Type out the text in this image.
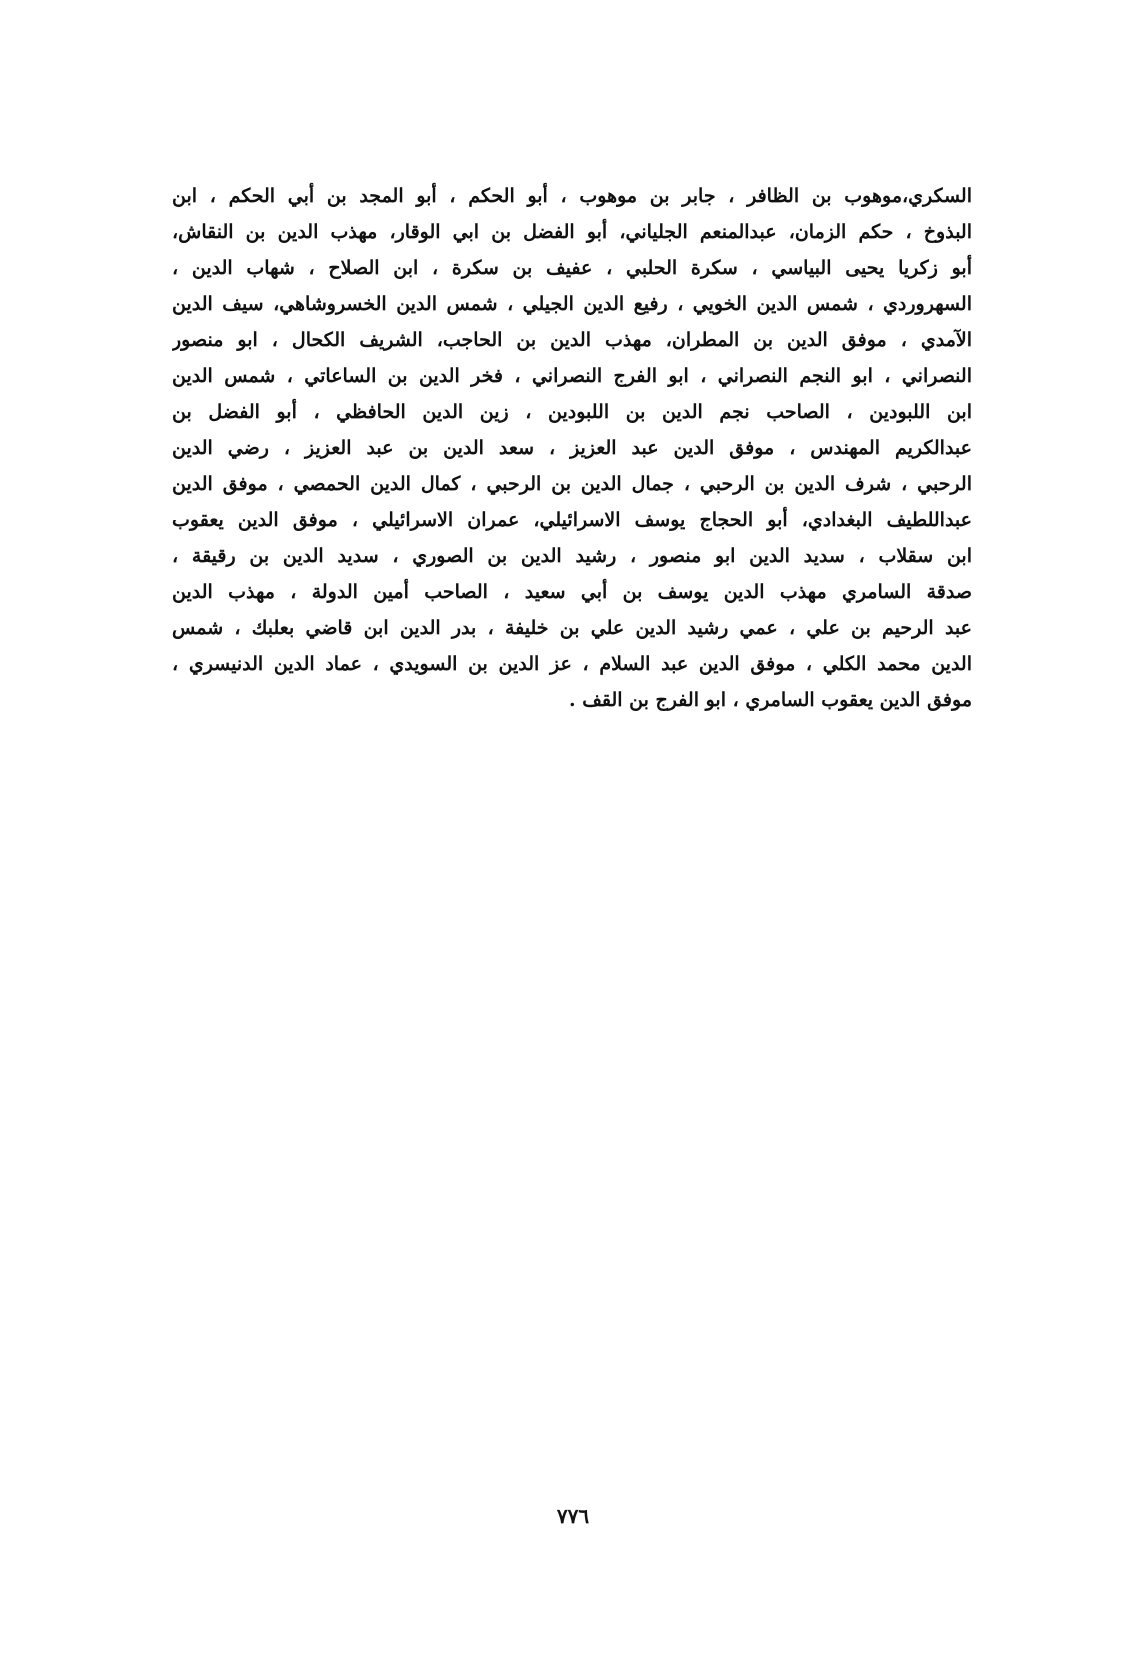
السكري،موهوب بن الظافر ، جابر بن موهوب ، أبو الحكم ، أبو المجد بن أبي الحكم ، ابن
البذوخ ، حكم الزمان، عبدالمنعم الجلياني، أبو الفضل بن ابي الوقار، مهذب الدين بن النقاش،
أبو زكريا يحيى البياسي ، سكرة الحلبي ، عفيف بن سكرة ، ابن الصلاح ، شهاب الدين ،
السهروردي ، شمس الدين الخويي ، رفيع الدين الجيلي ، شمس الدين الخسروشاهي، سيف الدين
الآمدي ، موفق الدين بن المطران، مهذب الدين بن الحاجب، الشريف الكحال ، ابو منصور
النصراني ، ابو النجم النصراني ، ابو الفرج النصراني ، فخر الدين بن الساعاتي ، شمس الدين
ابن اللبودين ، الصاحب نجم الدين بن اللبودين ، زين الدين الحافظي ، أبو الفضل بن
عبدالكريم المهندس ، موفق الدين عبد العزيز ، سعد الدين بن عبد العزيز ، رضي الدين
الرحبي ، شرف الدين بن الرحبي ، جمال الدين بن الرحبي ، كمال الدين الحمصي ، موفق الدين
عبداللطيف البغدادي، أبو الحجاج يوسف الاسرائيلي، عمران الاسرائيلي ، موفق الدين يعقوب
ابن سقلاب ، سديد الدين ابو منصور ، رشيد الدين بن الصوري ، سديد الدين بن رقيقة ،
صدقة السامري مهذب الدين يوسف بن أبي سعيد ، الصاحب أمين الدولة ، مهذب الدين
عبد الرحيم بن علي ، عمي رشيد الدين علي بن خليفة ، بدر الدين ابن قاضي بعلبك ، شمس
الدين محمد الكلي ، موفق الدين عبد السلام ، عز الدين بن السويدي ، عماد الدين الدنيسري ،
موفق الدين يعقوب السامري ، ابو الفرج بن القف .
٧٧٦
